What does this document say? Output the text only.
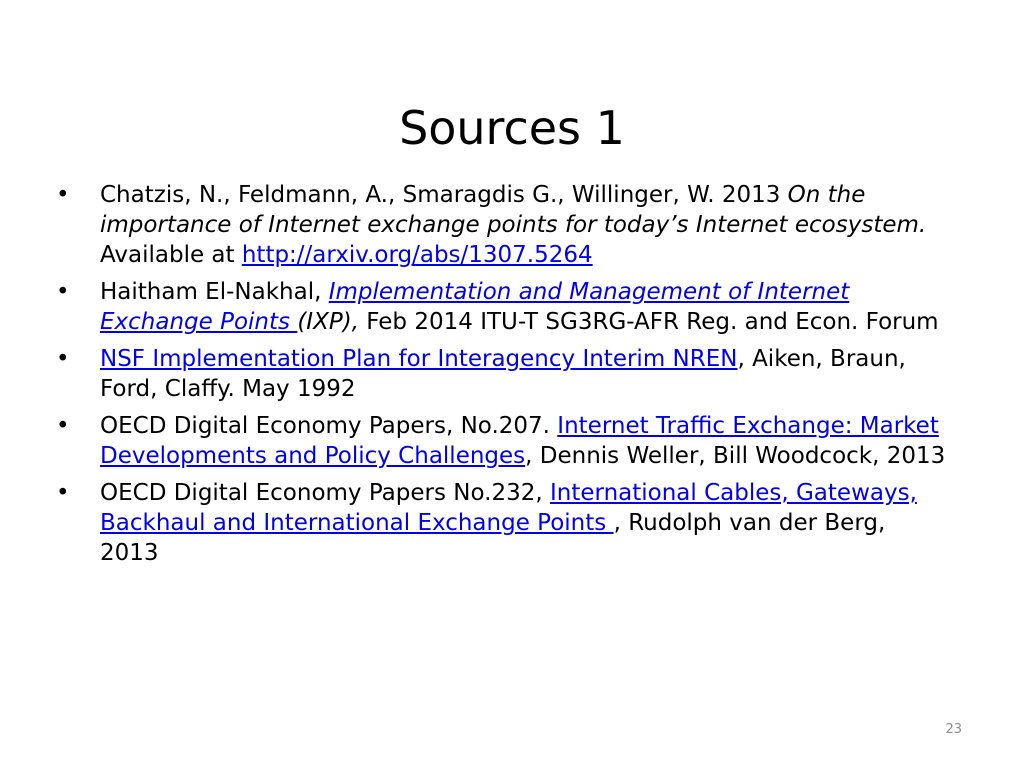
Sources 1
• Chatzis, N., Feldmann, A., Smaragdis G., Willinger, W. 2013 On the importance of Internet exchange points for today’s Internet ecosystem. Available at http://arxiv.org/abs/1307.5264
• Haitham El-Nakhal, Implementation and Management of Internet Exchange Points (IXP), Feb 2014 ITU-T SG3RG-AFR Reg. and Econ. Forum
• NSF Implementation Plan for Interagency Interim NREN, Aiken, Braun, Ford, Claffy. May 1992
• OECD Digital Economy Papers, No.207. Internet Traffic Exchange: Market Developments and Policy Challenges, Dennis Weller, Bill Woodcock, 2013
• OECD Digital Economy Papers No.232, International Cables, Gateways, Backhaul and International Exchange Points , Rudolph van der Berg, 2013
23
